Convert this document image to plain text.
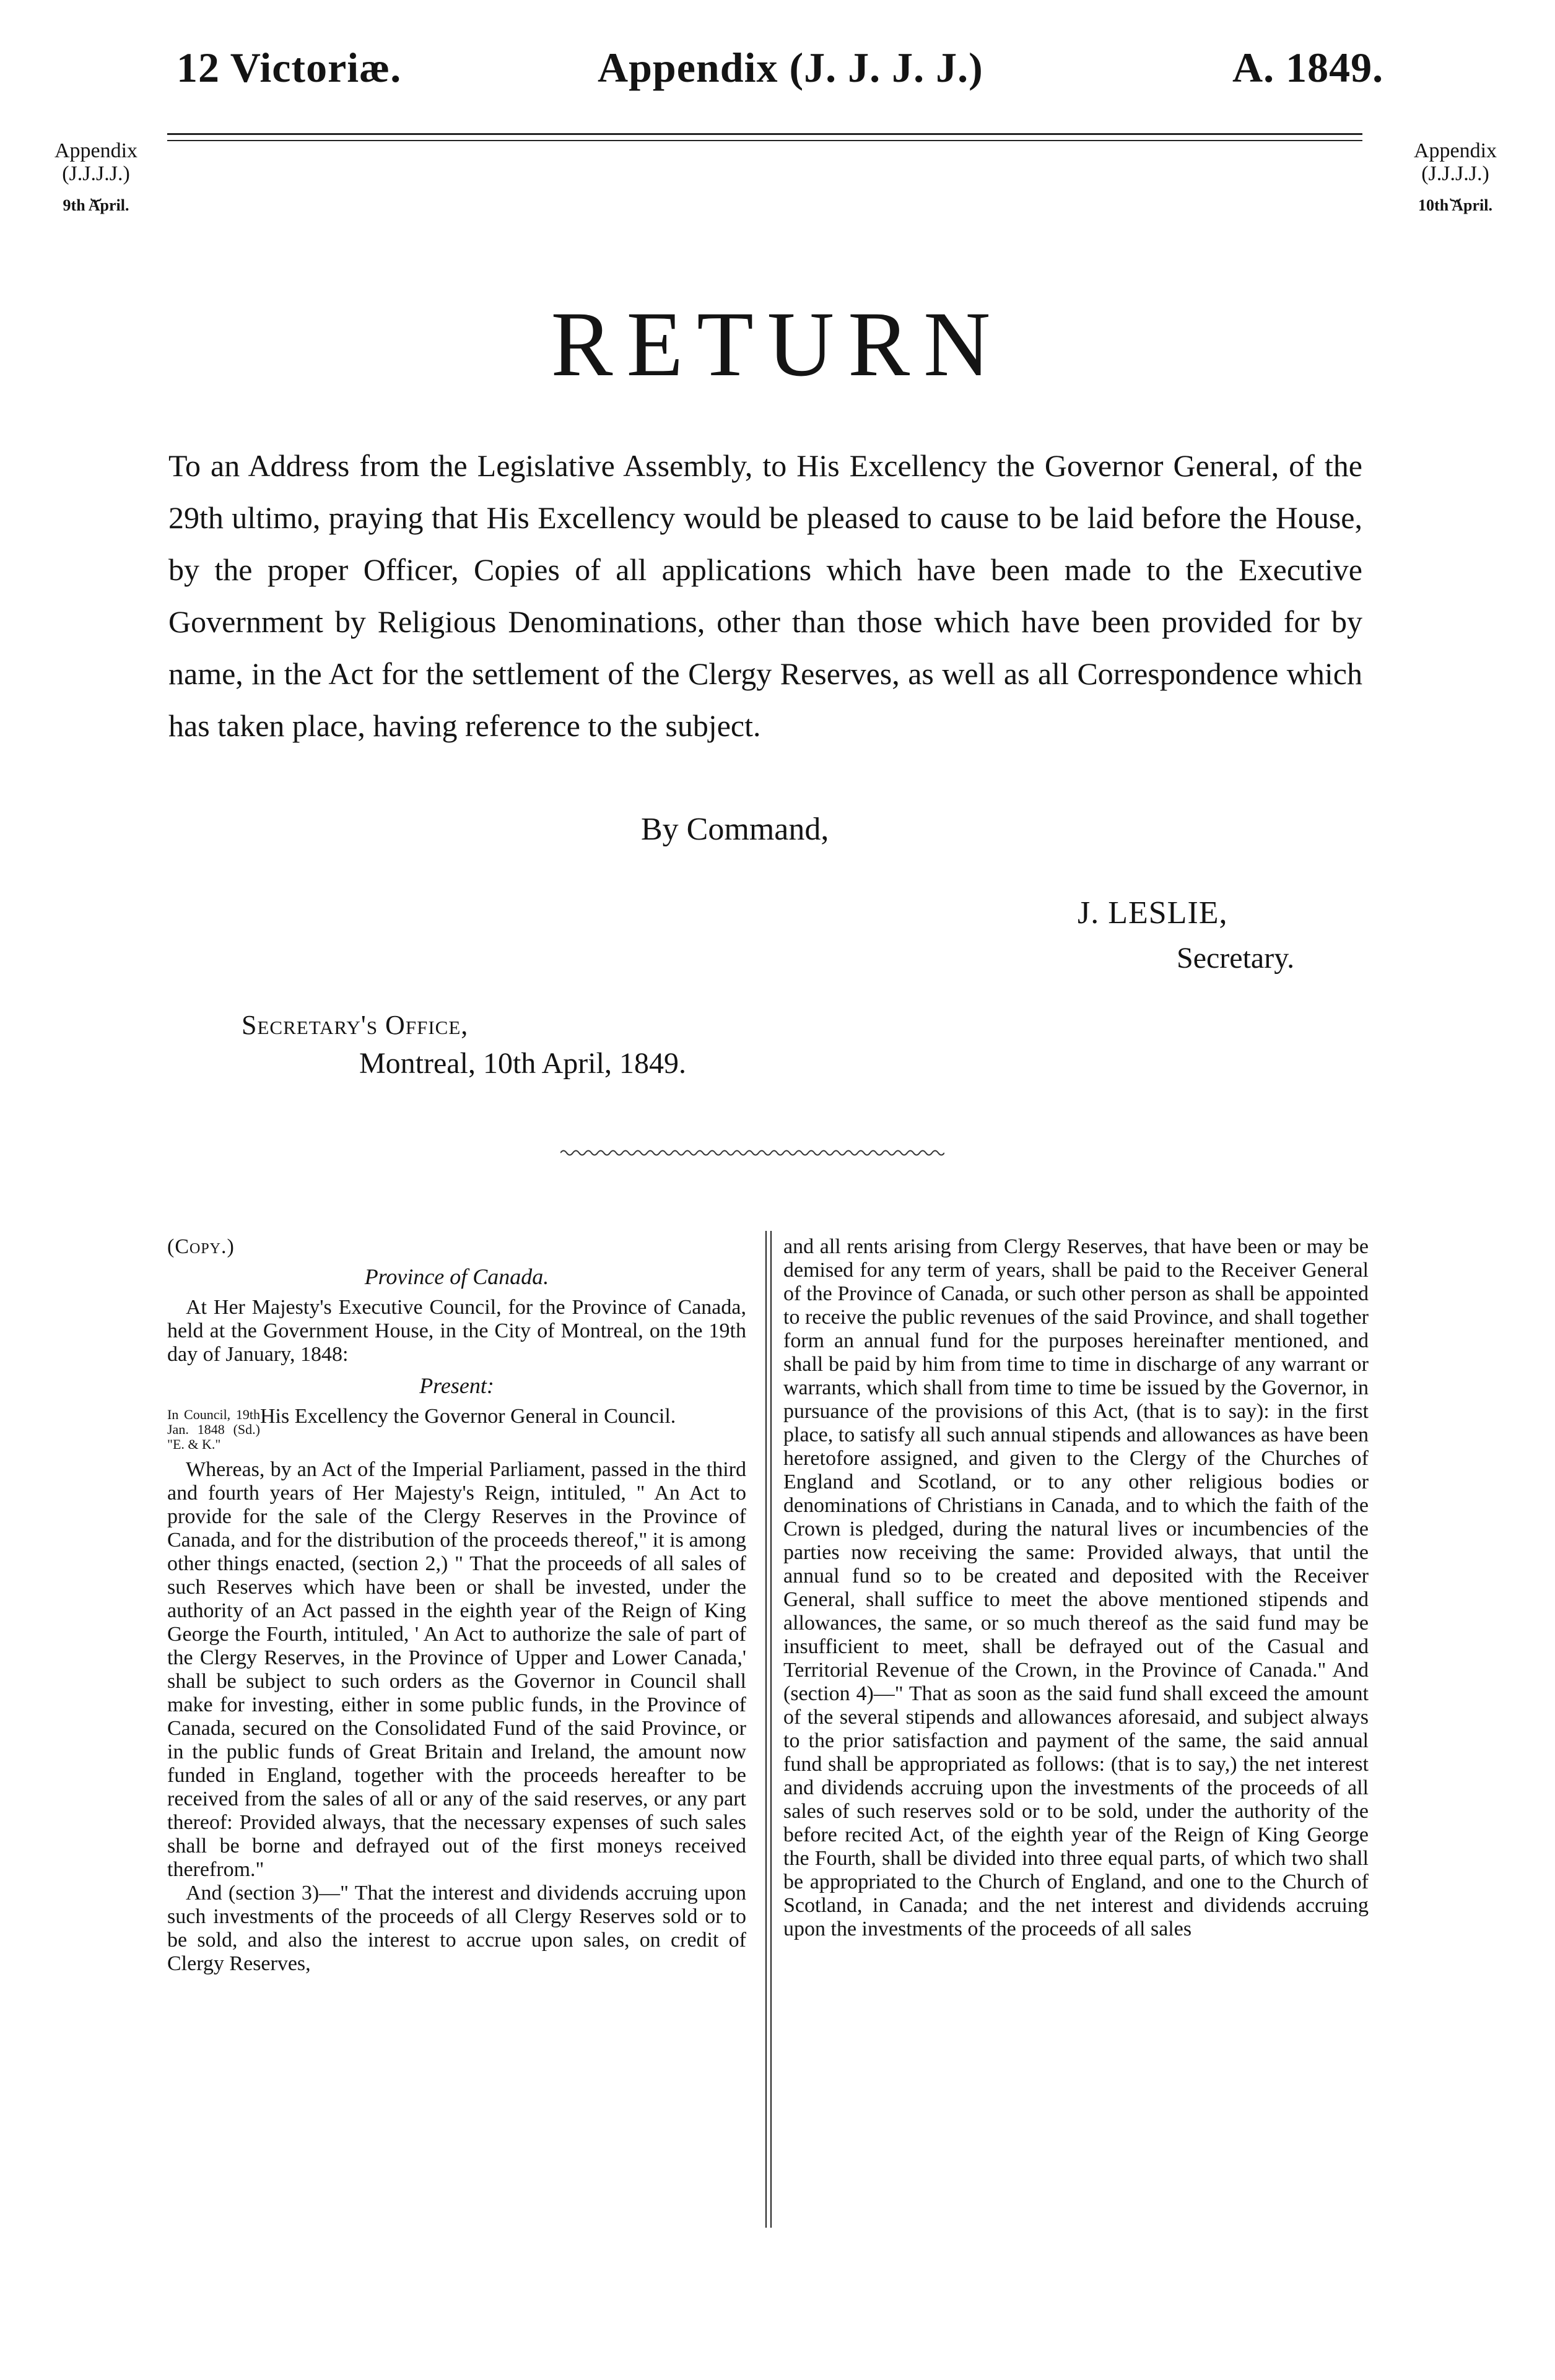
12 Victoriæ.	Appendix (J. J. J. J.)	A. 1849.
Appendix
(J.J.J.J.)
⏟
9th April.
Appendix
(J.J.J.J.)
⏟
10th April.
RETURN
To an Address from the Legislative Assembly, to His Excellency the Governor General, of the 29th ultimo, praying that His Excellency would be pleased to cause to be laid before the House, by the proper Officer, Copies of all applications which have been made to the Executive Government by Religious Denominations, other than those which have been provided for by name, in the Act for the settlement of the Clergy Reserves, as well as all Correspondence which has taken place, having reference to the subject.
By Command,
J. LESLIE,
Secretary.
Secretary's Office,
Montreal, 10th April, 1849.
(Copy.)
Province of Canada.

At Her Majesty's Executive Council, for the Province of Canada, held at the Government House, in the City of Montreal, on the 19th day of January, 1848:

Present:
In Council, 19th Jan. 1848 (Sd.) "E. & K."
His Excellency the Governor General in Council.

Whereas, by an Act of the Imperial Parliament, passed in the third and fourth years of Her Majesty's Reign, intituled, " An Act to provide for the sale of the Clergy Reserves in the Province of Canada, and for the distribution of the proceeds thereof," it is among other things enacted, (section 2,) " That the proceeds of all sales of such Reserves which have been or shall be invested, under the authority of an Act passed in the eighth year of the Reign of King George the Fourth, intituled, ' An Act to authorize the sale of part of the Clergy Reserves, in the Province of Upper and Lower Canada,' shall be subject to such orders as the Governor in Council shall make for investing, either in some public funds, in the Province of Canada, secured on the Consolidated Fund of the said Province, or in the public funds of Great Britain and Ireland, the amount now funded in England, together with the proceeds hereafter to be received from the sales of all or any of the said reserves, or any part thereof: Provided always, that the necessary expenses of such sales shall be borne and defrayed out of the first moneys received therefrom."

And (section 3)—" That the interest and dividends accruing upon such investments of the proceeds of all Clergy Reserves sold or to be sold, and also the interest to accrue upon sales, on credit of Clergy Reserves,

and all rents arising from Clergy Reserves, that have been or may be demised for any term of years, shall be paid to the Receiver General of the Province of Canada, or such other person as shall be appointed to receive the public revenues of the said Province, and shall together form an annual fund for the purposes hereinafter mentioned, and shall be paid by him from time to time in discharge of any warrant or warrants, which shall from time to time be issued by the Governor, in pursuance of the provisions of this Act, (that is to say): in the first place, to satisfy all such annual stipends and allowances as have been heretofore assigned, and given to the Clergy of the Churches of England and Scotland, or to any other religious bodies or denominations of Christians in Canada, and to which the faith of the Crown is pledged, during the natural lives or incumbencies of the parties now receiving the same: Provided always, that until the annual fund so to be created and deposited with the Receiver General, shall suffice to meet the above mentioned stipends and allowances, the same, or so much thereof as the said fund may be insufficient to meet, shall be defrayed out of the Casual and Territorial Revenue of the Crown, in the Province of Canada." And (section 4)—" That as soon as the said fund shall exceed the amount of the several stipends and allowances aforesaid, and subject always to the prior satisfaction and payment of the same, the said annual fund shall be appropriated as follows: (that is to say,) the net interest and dividends accruing upon the investments of the proceeds of all sales of such reserves sold or to be sold, under the authority of the before recited Act, of the eighth year of the Reign of King George the Fourth, shall be divided into three equal parts, of which two shall be appropriated to the Church of England, and one to the Church of Scotland, in Canada; and the net interest and dividends accruing upon the investments of the proceeds of all sales
